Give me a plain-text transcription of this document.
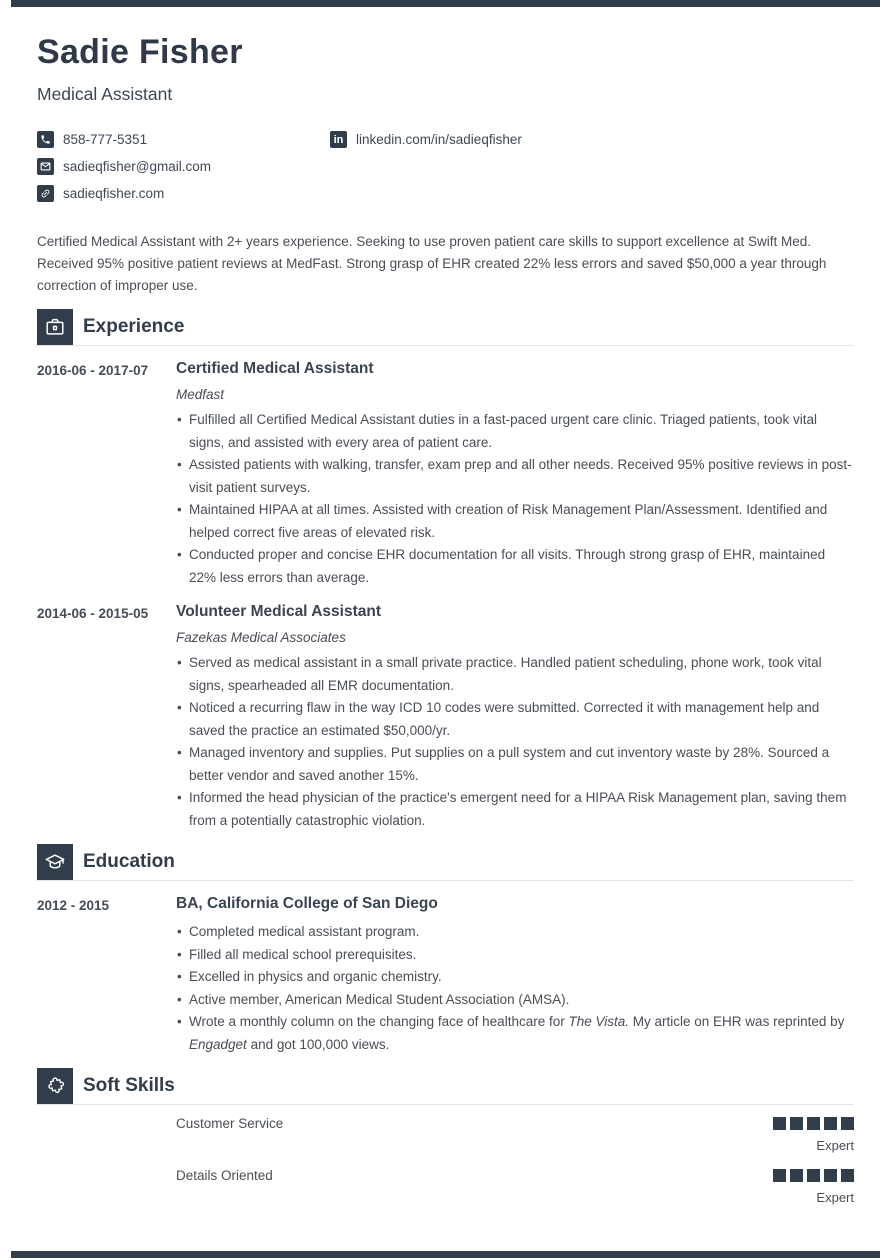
Sadie Fisher
Medical Assistant
858-777-5351
sadieqfisher@gmail.com
sadieqfisher.com
in linkedin.com/in/sadieqfisher

Certified Medical Assistant with 2+ years experience. Seeking to use proven patient care skills to support excellence at Swift Med. Received 95% positive patient reviews at MedFast. Strong grasp of EHR created 22% less errors and saved $50,000 a year through correction of improper use.

Experience
2016-06 - 2017-07	Certified Medical Assistant
Medfast
• Fulfilled all Certified Medical Assistant duties in a fast-paced urgent care clinic. Triaged patients, took vital signs, and assisted with every area of patient care.
• Assisted patients with walking, transfer, exam prep and all other needs. Received 95% positive reviews in post-visit patient surveys.
• Maintained HIPAA at all times. Assisted with creation of Risk Management Plan/Assessment. Identified and helped correct five areas of elevated risk.
• Conducted proper and concise EHR documentation for all visits. Through strong grasp of EHR, maintained 22% less errors than average.
2014-06 - 2015-05	Volunteer Medical Assistant
Fazekas Medical Associates
• Served as medical assistant in a small private practice. Handled patient scheduling, phone work, took vital signs, spearheaded all EMR documentation.
• Noticed a recurring flaw in the way ICD 10 codes were submitted. Corrected it with management help and saved the practice an estimated $50,000/yr.
• Managed inventory and supplies. Put supplies on a pull system and cut inventory waste by 28%. Sourced a better vendor and saved another 15%.
• Informed the head physician of the practice's emergent need for a HIPAA Risk Management plan, saving them from a potentially catastrophic violation.
Education
2012 - 2015	BA, California College of San Diego
• Completed medical assistant program.
• Filled all medical school prerequisites.
• Excelled in physics and organic chemistry.
• Active member, American Medical Student Association (AMSA).
• Wrote a monthly column on the changing face of healthcare for The Vista. My article on EHR was reprinted by Engadget and got 100,000 views.
Soft Skills
Customer Service
Expert
Details Oriented
Expert
